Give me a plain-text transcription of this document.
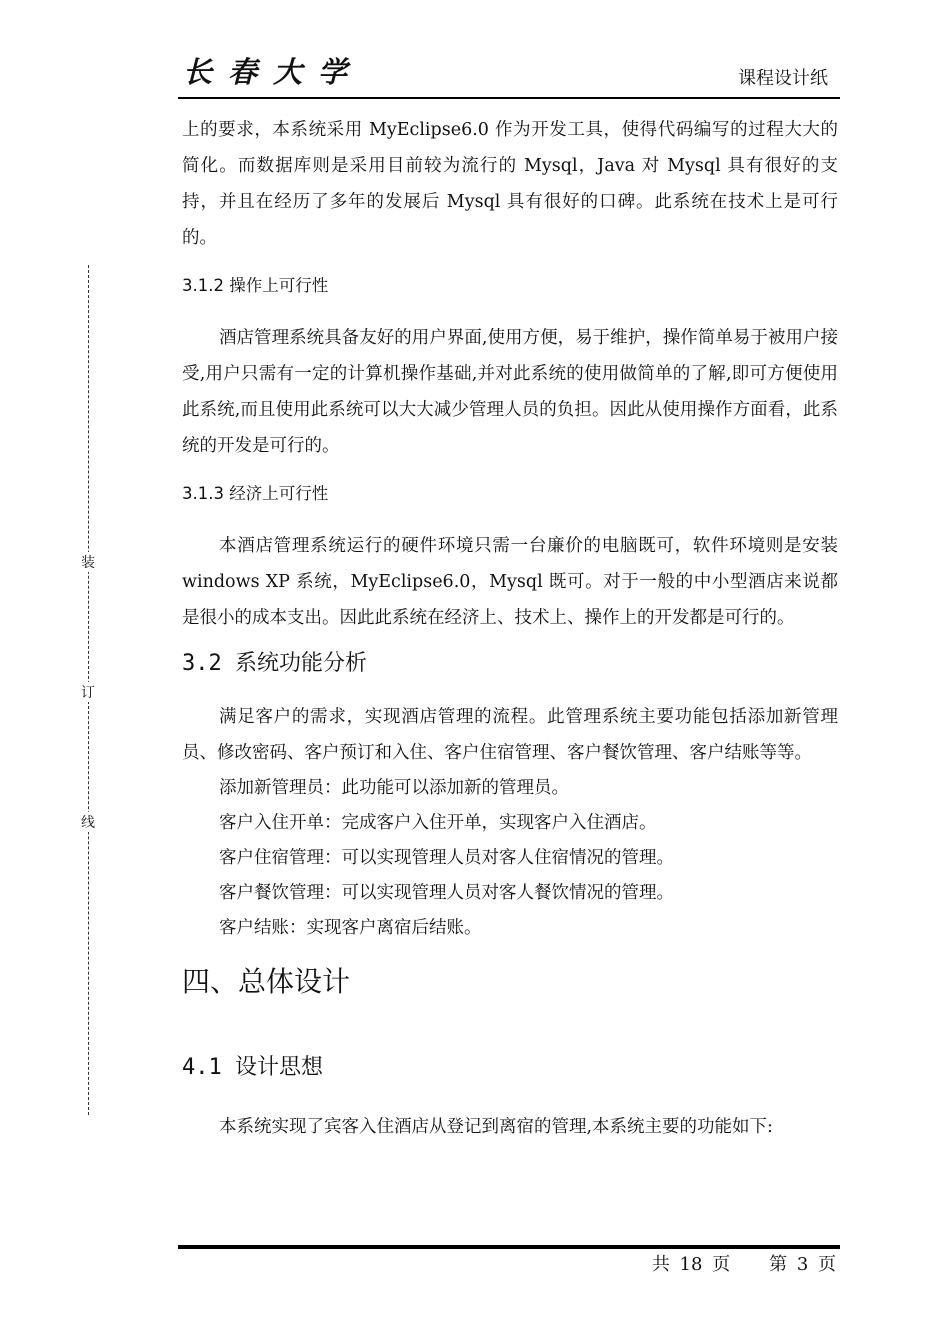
长春大学	课程设计纸
装
订
线

上的要求，本系统采用 MyEclipse6.0 作为开发工具，使得代码编写的过程大大的简化。而数据库则是采用目前较为流行的 Mysql，Java 对 Mysql 具有很好的支持，并且在经历了多年的发展后 Mysql 具有很好的口碑。此系统在技术上是可行的。

3.1.2 操作上可行性

酒店管理系统具备友好的用户界面,使用方便，易于维护，操作简单易于被用户接受,用户只需有一定的计算机操作基础,并对此系统的使用做简单的了解,即可方便使用此系统,而且使用此系统可以大大减少管理人员的负担。因此从使用操作方面看，此系统的开发是可行的。

3.1.3 经济上可行性

本酒店管理系统运行的硬件环境只需一台廉价的电脑既可，软件环境则是安装 windows XP 系统，MyEclipse6.0，Mysql 既可。对于一般的中小型酒店来说都是很小的成本支出。因此此系统在经济上、技术上、操作上的开发都是可行的。

3.2 系统功能分析

满足客户的需求，实现酒店管理的流程。此管理系统主要功能包括添加新管理员、修改密码、客户预订和入住、客户住宿管理、客户餐饮管理、客户结账等等。

添加新管理员：此功能可以添加新的管理员。

客户入住开单：完成客户入住开单，实现客户入住酒店。

客户住宿管理：可以实现管理人员对客人住宿情况的管理。

客户餐饮管理：可以实现管理人员对客人餐饮情况的管理。

客户结账：实现客户离宿后结账。

四、总体设计

4.1 设计思想

本系统实现了宾客入住酒店从登记到离宿的管理,本系统主要的功能如下:

共 18 页 第 3 页
